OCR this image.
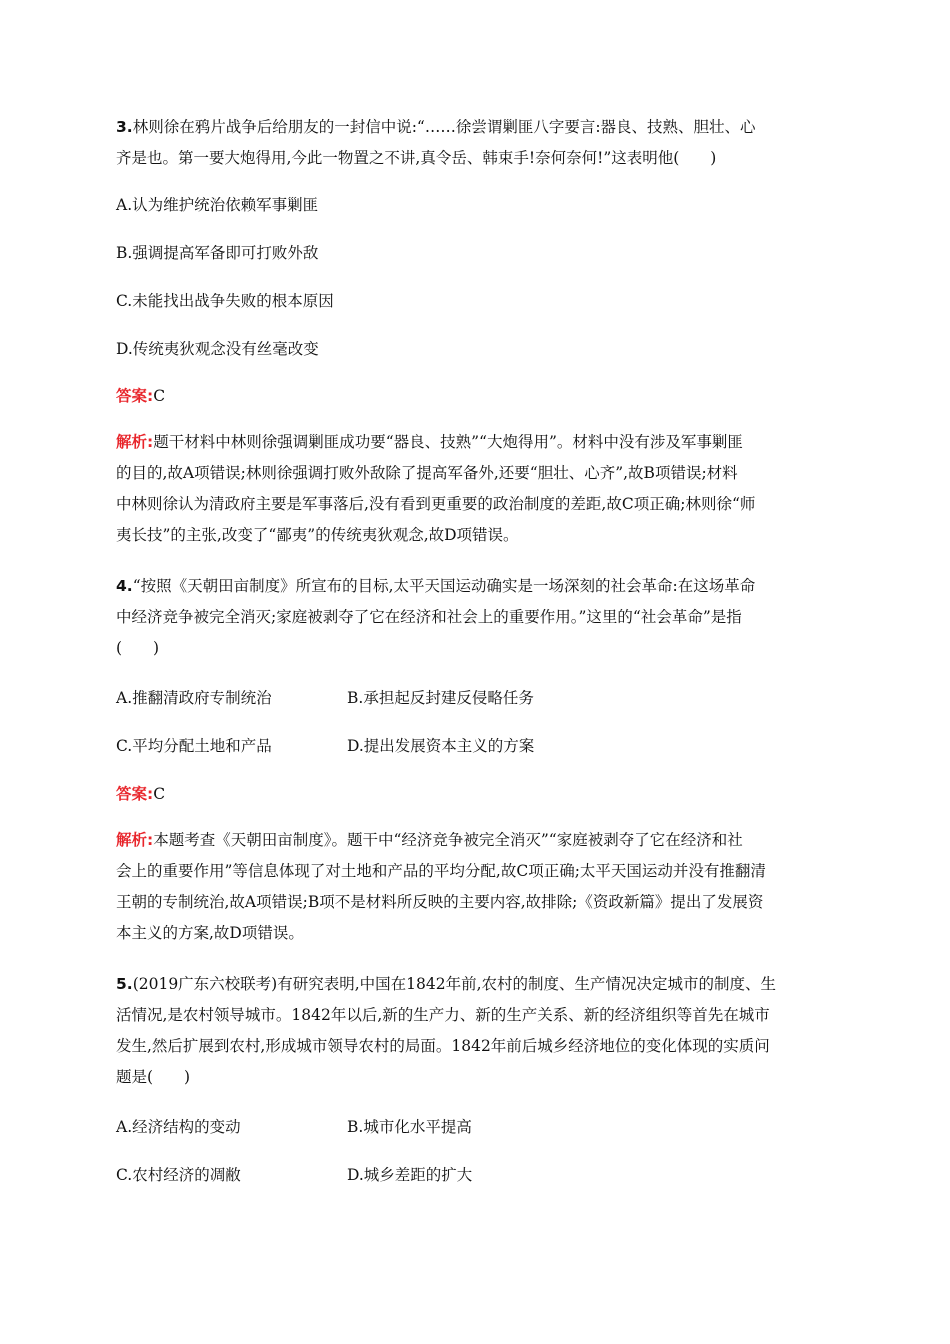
3.林则徐在鸦片战争后给朋友的一封信中说:“……徐尝谓剿匪八字要言:器良、技熟、胆壮、心
齐是也。第一要大炮得用,今此一物置之不讲,真令岳、韩束手!奈何奈何!”这表明他(　　)
A.认为维护统治依赖军事剿匪
B.强调提高军备即可打败外敌
C.未能找出战争失败的根本原因
D.传统夷狄观念没有丝毫改变
答案:C
解析:题干材料中林则徐强调剿匪成功要“器良、技熟”“大炮得用”。材料中没有涉及军事剿匪
的目的,故A项错误;林则徐强调打败外敌除了提高军备外,还要“胆壮、心齐”,故B项错误;材料
中林则徐认为清政府主要是军事落后,没有看到更重要的政治制度的差距,故C项正确;林则徐“师
夷长技”的主张,改变了“鄙夷”的传统夷狄观念,故D项错误。
4.“按照《天朝田亩制度》所宣布的目标,太平天国运动确实是一场深刻的社会革命:在这场革命
中经济竞争被完全消灭;家庭被剥夺了它在经济和社会上的重要作用。”这里的“社会革命”是指
(　　)
A.推翻清政府专制统治	B.承担起反封建反侵略任务
C.平均分配土地和产品	D.提出发展资本主义的方案
答案:C
解析:本题考查《天朝田亩制度》。题干中“经济竞争被完全消灭”“家庭被剥夺了它在经济和社
会上的重要作用”等信息体现了对土地和产品的平均分配,故C项正确;太平天国运动并没有推翻清
王朝的专制统治,故A项错误;B项不是材料所反映的主要内容,故排除;《资政新篇》提出了发展资
本主义的方案,故D项错误。
5.(2019广东六校联考)有研究表明,中国在1842年前,农村的制度、生产情况决定城市的制度、生
活情况,是农村领导城市。1842年以后,新的生产力、新的生产关系、新的经济组织等首先在城市
发生,然后扩展到农村,形成城市领导农村的局面。1842年前后城乡经济地位的变化体现的实质问
题是(　　)
A.经济结构的变动	B.城市化水平提高
C.农村经济的凋敝	D.城乡差距的扩大
